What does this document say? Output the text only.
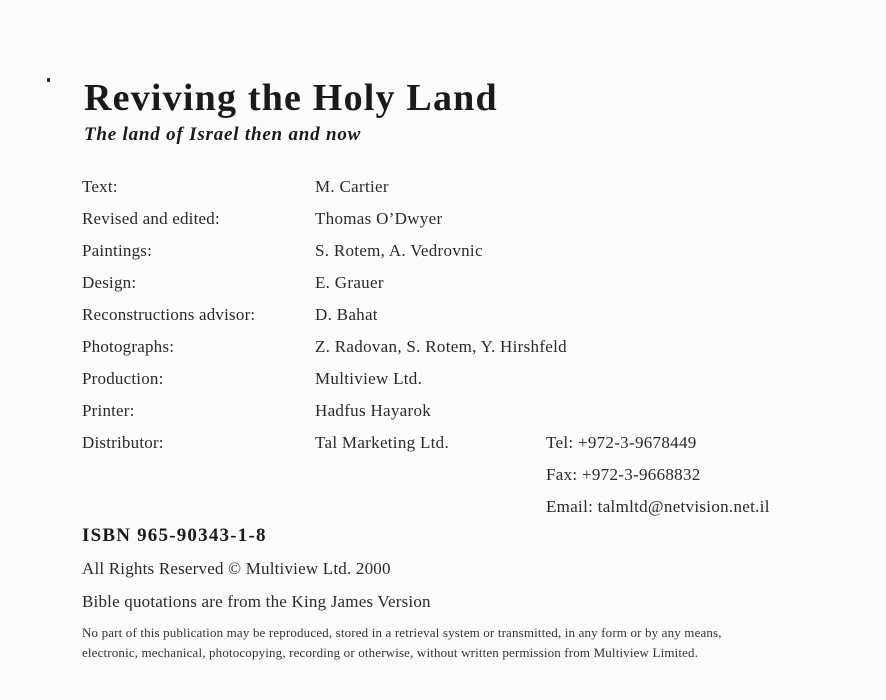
Reviving the Holy Land
The land of Israel then and now
Text:	M. Cartier
Revised and edited:	Thomas O’Dwyer
Paintings:	S. Rotem, A. Vedrovnic
Design:	E. Grauer
Reconstructions advisor:	D. Bahat
Photographs:	Z. Radovan, S. Rotem, Y. Hirshfeld
Production:	Multiview Ltd.
Printer:	Hadfus Hayarok
Distributor:	Tal Marketing Ltd.	Tel: +972-3-9678449
Fax: +972-3-9668832
Email: talmltd@netvision.net.il
ISBN 965-90343-1-8
All Rights Reserved © Multiview Ltd. 2000
Bible quotations are from the King James Version
No part of this publication may be reproduced, stored in a retrieval system or transmitted, in any form or by any means,
electronic, mechanical, photocopying, recording or otherwise, without written permission from Multiview Limited.
